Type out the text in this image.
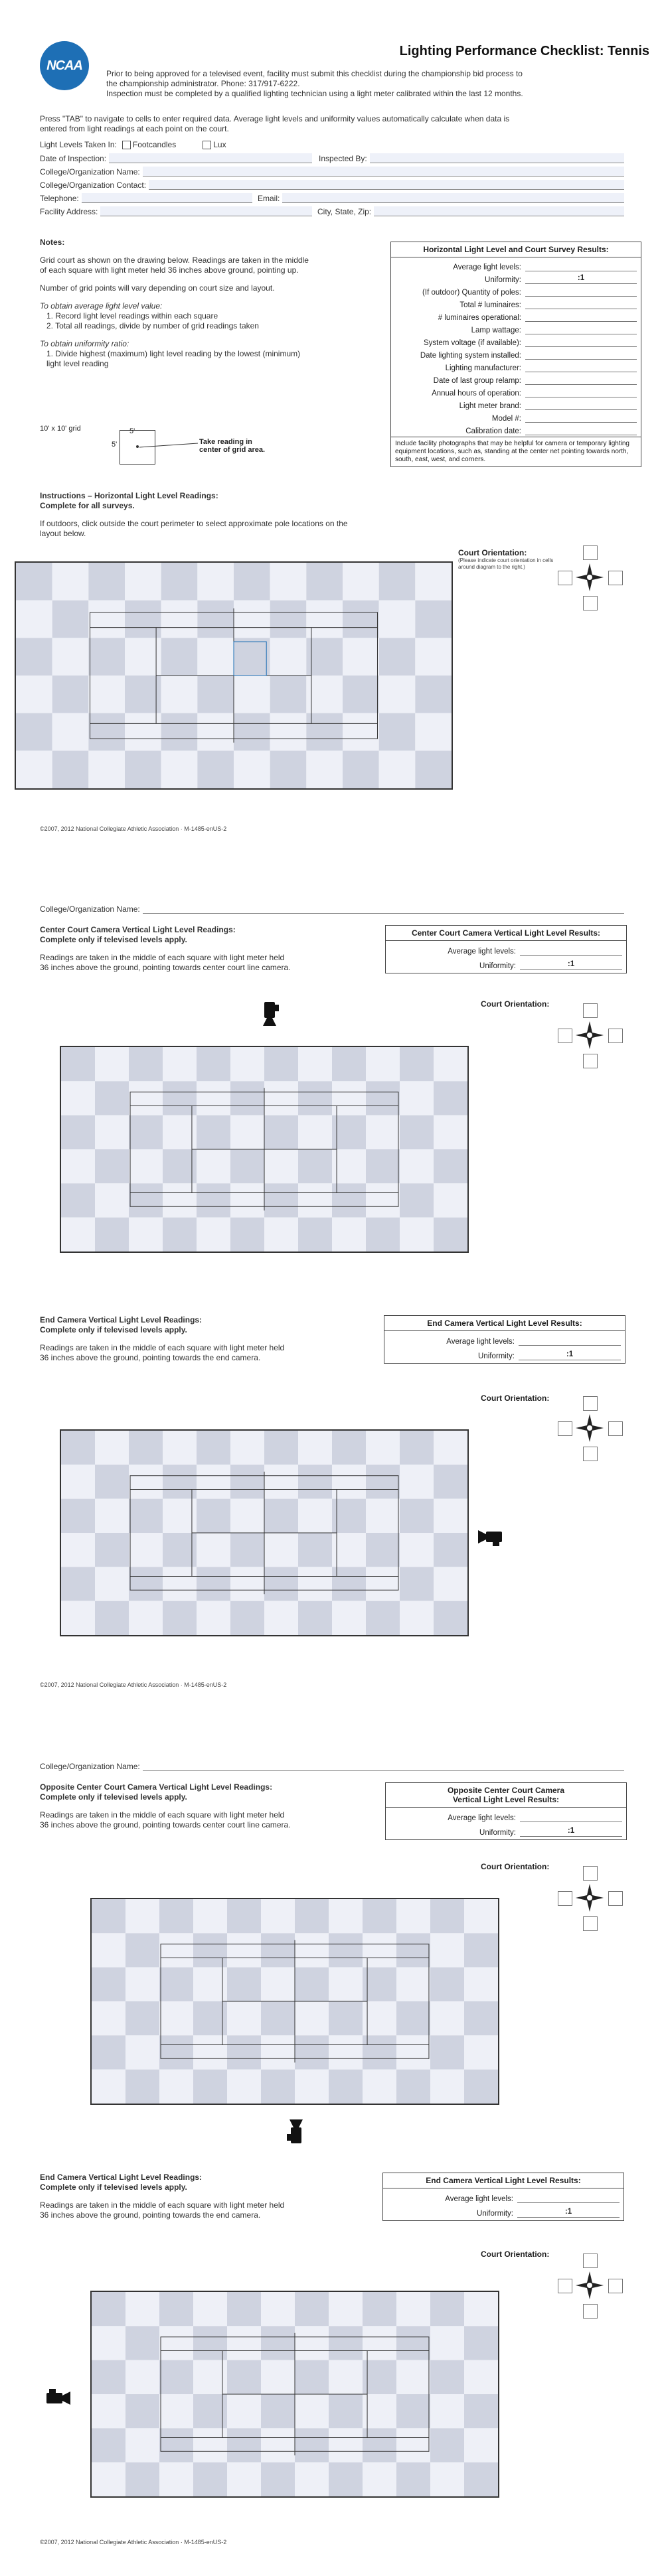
NCAA
Lighting Performance Checklist: Tennis
Prior to being approved for a televised event, facility must submit this checklist during the championship bid process to
the championship administrator. Phone: 317/917-6222.
Inspection must be completed by a qualified lighting technician using a light meter calibrated within the last 12 months.
Press "TAB" to navigate to cells to enter required data. Average light levels and uniformity values automatically calculate when data is
entered from light readings at each point on the court.
Light Levels Taken In: Footcandles	Lux
Date of Inspection:	Inspected By:
College/Organization Name:
College/Organization Contact:
Telephone:	Email:
Facility Address:	City, State, Zip:
Notes:
Grid court as shown on the drawing below. Readings are taken in the middle
of each square with light meter held 36 inches above ground, pointing up.
Number of grid points will vary depending on court size and layout.
To obtain average light level value:
1. Record light level readings within each square
2. Total all readings, divide by number of grid readings taken
To obtain uniformity ratio:
1. Divide highest (maximum) light level reading by the lowest (minimum)
light level reading
10' x 10' grid	5'
5'	Take reading in
center of grid area.
Horizontal Light Level and Court Survey Results:
Average light levels:
Uniformity:	:1
(If outdoor) Quantity of poles:
Total # luminaires:
# luminaires operational:
Lamp wattage:
System voltage (if available):
Date lighting system installed:
Lighting manufacturer:
Date of last group relamp:
Annual hours of operation:
Light meter brand:
Model #:
Calibration date:
Include facility photographs that may be helpful for camera or temporary lighting equipment locations, such as, standing at the center net pointing towards north, south, east, west, and corners.
Instructions – Horizontal Light Level Readings:
Complete for all surveys.
If outdoors, click outside the court perimeter to select approximate pole locations on the
layout below.
Court Orientation:
(Please indicate court orientation in cells around diagram to the right.)
©2007, 2012 National Collegiate Athletic Association · M-1485-enUS-2
College/Organization Name:
Center Court Camera Vertical Light Level Readings:
Complete only if televised levels apply.
Readings are taken in the middle of each square with light meter held
36 inches above the ground, pointing towards center court line camera.
Center Court Camera Vertical Light Level Results:
Average light levels:
Uniformity:	:1
Court Orientation:
End Camera Vertical Light Level Readings:
Complete only if televised levels apply.
Readings are taken in the middle of each square with light meter held
36 inches above the ground, pointing towards the end camera.
End Camera Vertical Light Level Results:
Average light levels:
Uniformity:	:1
Court Orientation:
©2007, 2012 National Collegiate Athletic Association · M-1485-enUS-2
College/Organization Name:
Opposite Center Court Camera Vertical Light Level Readings:
Complete only if televised levels apply.
Readings are taken in the middle of each square with light meter held
36 inches above the ground, pointing towards center court line camera.
Opposite Center Court Camera
Vertical Light Level Results:
Average light levels:
Uniformity:	:1
Court Orientation:
End Camera Vertical Light Level Readings:
Complete only if televised levels apply.
Readings are taken in the middle of each square with light meter held
36 inches above the ground, pointing towards the end camera.
End Camera Vertical Light Level Results:
Average light levels:
Uniformity:	:1
Court Orientation:
©2007, 2012 National Collegiate Athletic Association · M-1485-enUS-2
